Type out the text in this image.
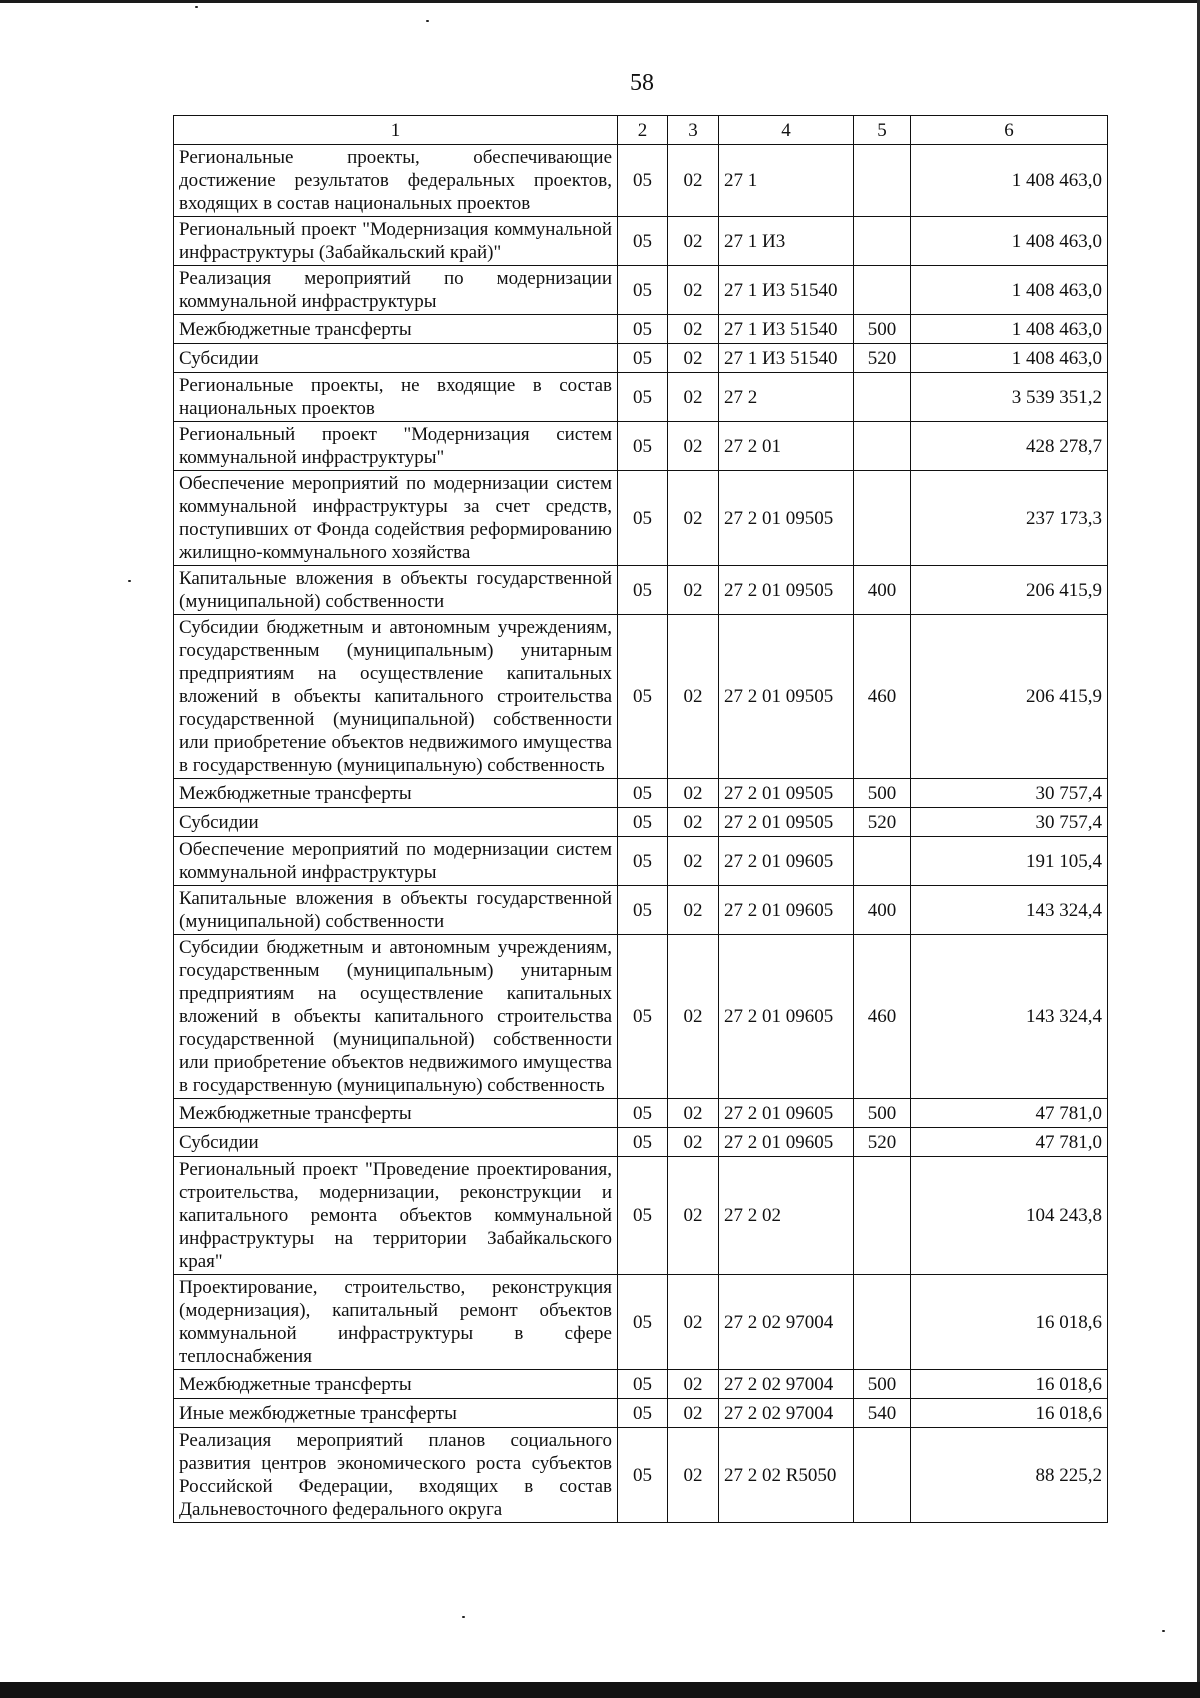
58
1	2	3	4	5	6
Региональные проекты, обеспечивающие достижение результатов федеральных проектов, входящих в состав национальных проектов	05	02	27 1		1 408 463,0
Региональный проект "Модернизация коммунальной инфраструктуры (Забайкальский край)"	05	02	27 1 И3		1 408 463,0
Реализация мероприятий по модернизации коммунальной инфраструктуры	05	02	27 1 И3 51540		1 408 463,0
Межбюджетные трансферты	05	02	27 1 И3 51540	500	1 408 463,0
Субсидии	05	02	27 1 И3 51540	520	1 408 463,0
Региональные проекты, не входящие в состав национальных проектов	05	02	27 2		3 539 351,2
Региональный проект "Модернизация систем коммунальной инфраструктуры"	05	02	27 2 01		428 278,7
Обеспечение мероприятий по модернизации систем коммунальной инфраструктуры за счет средств, поступивших от Фонда содействия реформированию жилищно-коммунального хозяйства	05	02	27 2 01 09505		237 173,3
Капитальные вложения в объекты государственной (муниципальной) собственности	05	02	27 2 01 09505	400	206 415,9
Субсидии бюджетным и автономным учреждениям, государственным (муниципальным) унитарным предприятиям на осуществление капитальных вложений в объекты капитального строительства государственной (муниципальной) собственности или приобретение объектов недвижимого имущества в государственную (муниципальную) собственность	05	02	27 2 01 09505	460	206 415,9
Межбюджетные трансферты	05	02	27 2 01 09505	500	30 757,4
Субсидии	05	02	27 2 01 09505	520	30 757,4
Обеспечение мероприятий по модернизации систем коммунальной инфраструктуры	05	02	27 2 01 09605		191 105,4
Капитальные вложения в объекты государственной (муниципальной) собственности	05	02	27 2 01 09605	400	143 324,4
Субсидии бюджетным и автономным учреждениям, государственным (муниципальным) унитарным предприятиям на осуществление капитальных вложений в объекты капитального строительства государственной (муниципальной) собственности или приобретение объектов недвижимого имущества в государственную (муниципальную) собственность	05	02	27 2 01 09605	460	143 324,4
Межбюджетные трансферты	05	02	27 2 01 09605	500	47 781,0
Субсидии	05	02	27 2 01 09605	520	47 781,0
Региональный проект "Проведение проектирования, строительства, модернизации, реконструкции и капитального ремонта объектов коммунальной инфраструктуры на территории Забайкальского края"	05	02	27 2 02		104 243,8
Проектирование, строительство, реконструкция (модернизация), капитальный ремонт объектов коммунальной инфраструктуры в сфере теплоснабжения	05	02	27 2 02 97004		16 018,6
Межбюджетные трансферты	05	02	27 2 02 97004	500	16 018,6
Иные межбюджетные трансферты	05	02	27 2 02 97004	540	16 018,6
Реализация мероприятий планов социального развития центров экономического роста субъектов Российской Федерации, входящих в состав Дальневосточного федерального округа	05	02	27 2 02 R5050		88 225,2
